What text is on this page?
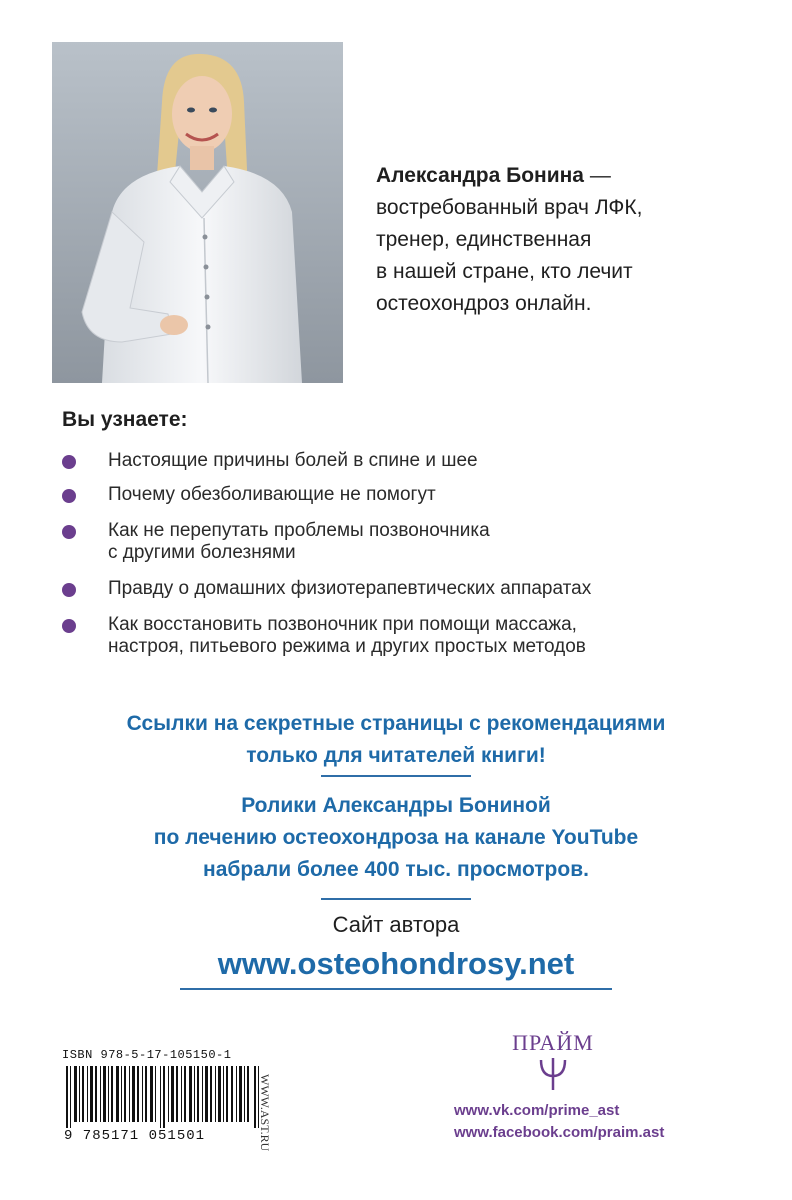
Александра Бонина —
востребованный врач ЛФК,
тренер, единственная
в нашей стране, кто лечит
остеохондроз онлайн.
Вы узнаете:
Настоящие причины болей в спине и шее
Почему обезболивающие не помогут
Как не перепутать проблемы позвоночника
с другими болезнями
Правду о домашних физиотерапевтических аппаратах
Как восстановить позвоночник при помощи массажа,
настроя, питьевого режима и других простых методов
Ссылки на секретные страницы с рекомендациями
только для читателей книги!
Ролики Александры Бониной
по лечению остеохондроза на канале YouTube
набрали более 400 тыс. просмотров.
Сайт автора
www.osteohondrosy.net
ISBN 978-5-17-105150-1
9 785171 051501	WWW.AST.RU
ПРАЙМ
www.vk.com/prime_ast
www.facebook.com/praim.ast
